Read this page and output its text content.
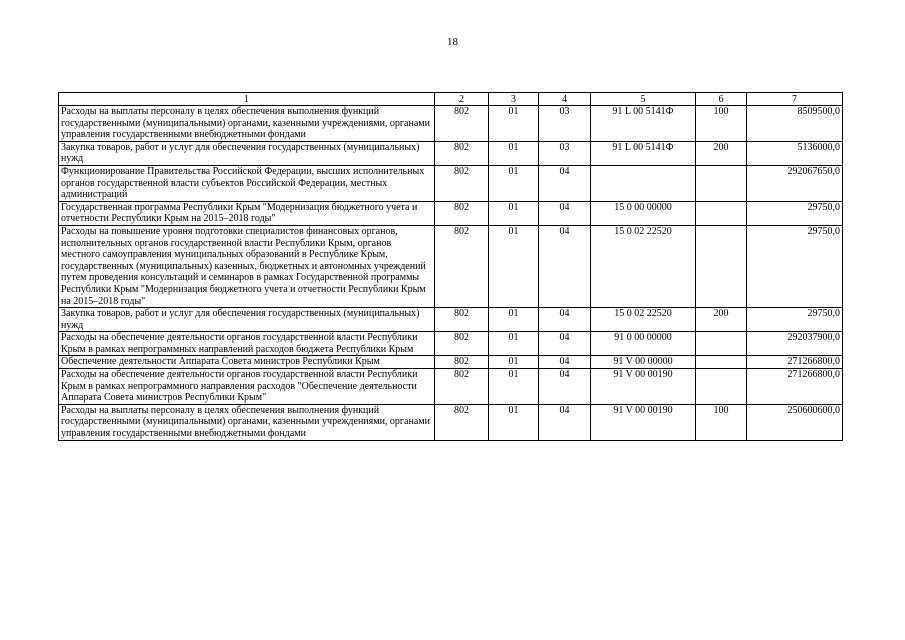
18
1	2	3	4	5	6	7
Расходы на выплаты персоналу в целях обеспечения выполнения функций государственными (муниципальными) органами, казенными учреждениями, органами управления государственными внебюджетными фондами	802	01	03	91 L 00 5141Ф	100	8509500,0
Закупка товаров, работ и услуг для обеспечения государственных (муниципальных) нужд	802	01	03	91 L 00 5141Ф	200	5136000,0
Функционирование Правительства Российской Федерации, высших исполнительных органов государственной власти субъектов Российской Федерации, местных администраций	802	01	04			292067650,0
Государственная программа Республики Крым "Модернизация бюджетного учета и отчетности Республики Крым на 2015–2018 годы"	802	01	04	15 0 00 00000		29750,0
Расходы на повышение уровня подготовки специалистов финансовых органов, исполнительных органов государственной власти Республики Крым, органов местного самоуправления муниципальных образований в Республике Крым, государственных (муниципальных) казенных, бюджетных и автономных учреждений путем проведения консультаций и семинаров в рамках Государственной программы Республики Крым "Модернизация бюджетного учета и отчетности Республики Крым на 2015–2018 годы"	802	01	04	15 0 02 22520		29750,0
Закупка товаров, работ и услуг для обеспечения государственных (муниципальных) нужд	802	01	04	15 0 02 22520	200	29750,0
Расходы на обеспечение деятельности органов государственной власти Республики Крым в рамках непрограммных направлений расходов бюджета Республики Крым	802	01	04	91 0 00 00000		292037900,0
Обеспечение деятельности Аппарата Совета министров Республики Крым	802	01	04	91 V 00 00000		271266800,0
Расходы на обеспечение деятельности органов государственной власти Республики Крым в рамках непрограммного направления расходов "Обеспечение деятельности Аппарата Совета министров Республики Крым"	802	01	04	91 V 00 00190		271266800,0
Расходы на выплаты персоналу в целях обеспечения выполнения функций государственными (муниципальными) органами, казенными учреждениями, органами управления государственными внебюджетными фондами	802	01	04	91 V 00 00190	100	250600600,0
